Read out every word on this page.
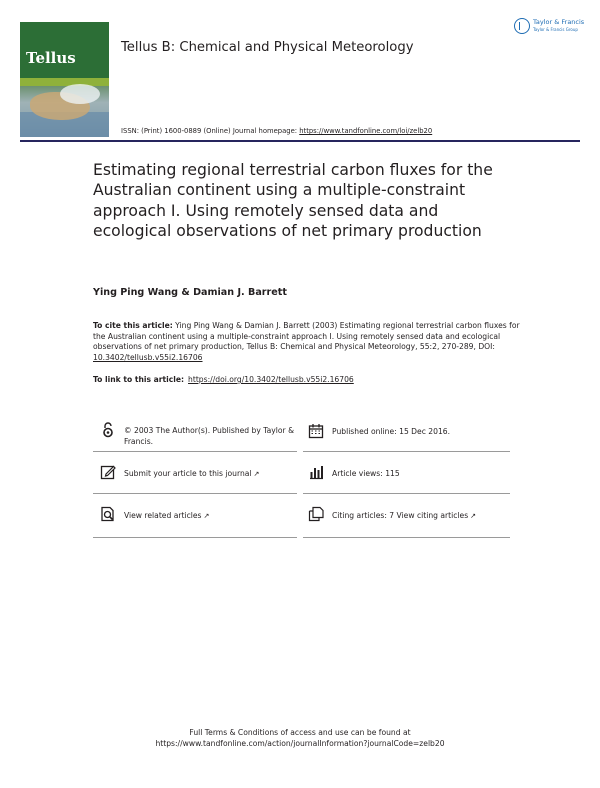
Tellus
Tellus B: Chemical and Physical Meteorology
Taylor & Francis
Taylor & Francis Group
ISSN: (Print) 1600-0889 (Online) Journal homepage: https://www.tandfonline.com/loi/zelb20
Estimating regional terrestrial carbon fluxes for the Australian continent using a multiple-constraint approach I. Using remotely sensed data and ecological observations of net primary production
Ying Ping Wang & Damian J. Barrett
To cite this article: Ying Ping Wang & Damian J. Barrett (2003) Estimating regional terrestrial carbon fluxes for the Australian continent using a multiple-constraint approach I. Using remotely sensed data and ecological observations of net primary production, Tellus B: Chemical and Physical Meteorology, 55:2, 270-289, DOI: 10.3402/tellusb.v55i2.16706
To link to this article: https://doi.org/10.3402/tellusb.v55i2.16706
© 2003 The Author(s). Published by Taylor & Francis.
Published online: 15 Dec 2016.
Submit your article to this journal ↗	Article views: 115
View related articles ↗	Citing articles: 7 View citing articles ↗
Full Terms & Conditions of access and use can be found at
https://www.tandfonline.com/action/journalInformation?journalCode=zelb20
